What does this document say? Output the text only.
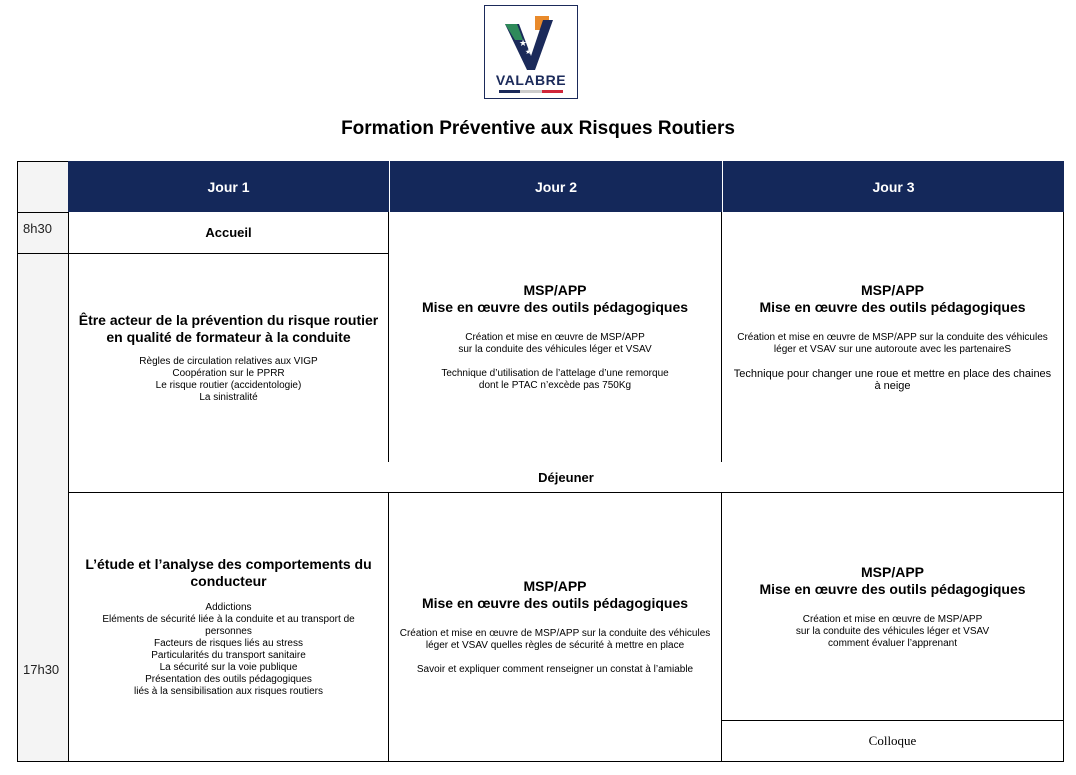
★
★
VALABRE
Formation Préventive aux Risques Routiers
8h30
17h30
Jour 1	Jour 2	Jour 3
Accueil
Être acteur de la prévention du risque routier
en qualité de formateur à la conduite
Règles de circulation relatives aux VIGP
Coopération sur le PPRR
Le risque routier (accidentologie)
La sinistralité
MSP/APP
Mise en œuvre des outils pédagogiques
Création et mise en œuvre de MSP/APP
sur la conduite des véhicules léger et VSAV
Technique d’utilisation de l’attelage d’une remorque
dont le PTAC n’excède pas 750Kg
MSP/APP
Mise en œuvre des outils pédagogiques
Création et mise en œuvre de MSP/APP sur la conduite des véhicules
léger et VSAV sur une autoroute avec les partenaireS
Technique pour changer une roue et mettre en place des chaines
à neige
Déjeuner
L’étude et l’analyse des comportements du
conducteur
Addictions
Eléments de sécurité liée à la conduite et au transport de
personnes
Facteurs de risques liés au stress
Particularités du transport sanitaire
La sécurité sur la voie publique
Présentation des outils pédagogiques
liés à la sensibilisation aux risques routiers
MSP/APP
Mise en œuvre des outils pédagogiques
Création et mise en œuvre de MSP/APP sur la conduite des véhicules
léger et VSAV quelles règles de sécurité à mettre en place
Savoir et expliquer comment renseigner un constat à l’amiable
MSP/APP
Mise en œuvre des outils pédagogiques
Création et mise en œuvre de MSP/APP
sur la conduite des véhicules léger et VSAV
comment évaluer l’apprenant
Colloque
